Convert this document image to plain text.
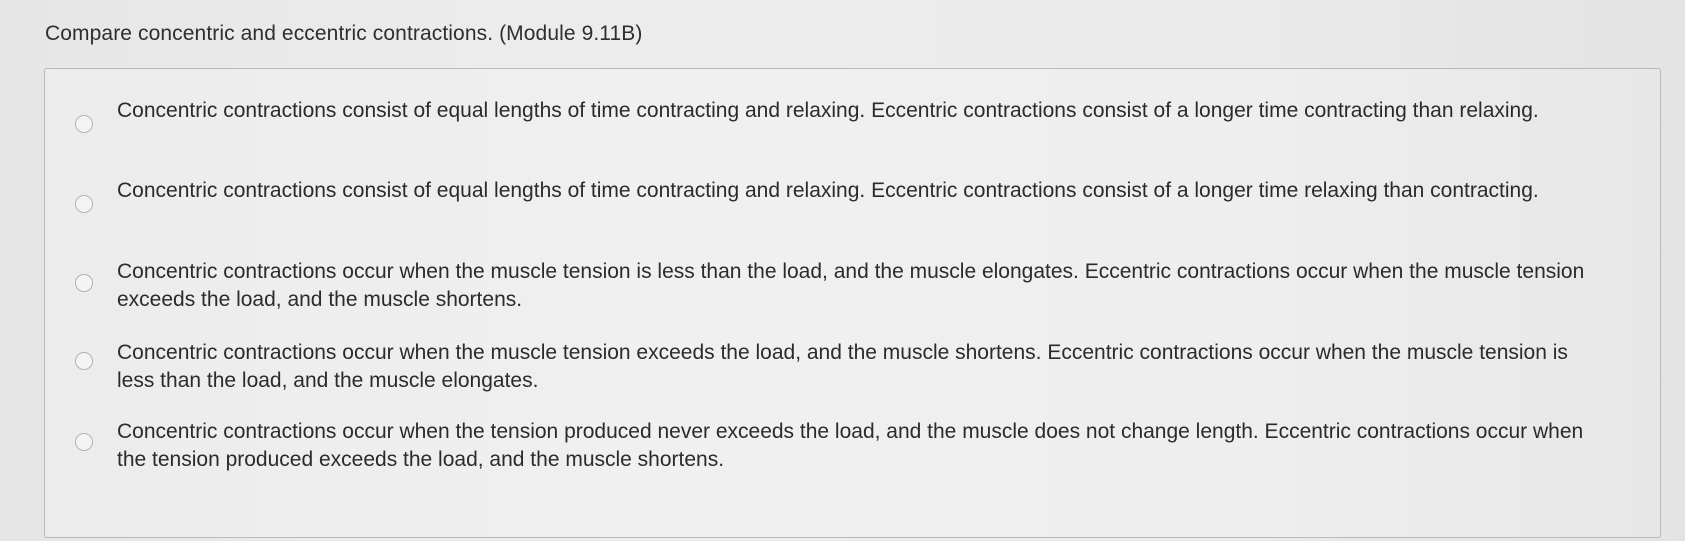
Compare concentric and eccentric contractions. (Module 9.11B)
Concentric contractions consist of equal lengths of time contracting and relaxing. Eccentric contractions consist of a longer time contracting than relaxing.
Concentric contractions consist of equal lengths of time contracting and relaxing. Eccentric contractions consist of a longer time relaxing than contracting.
Concentric contractions occur when the muscle tension is less than the load, and the muscle elongates. Eccentric contractions occur when the muscle tension exceeds the load, and the muscle shortens.
Concentric contractions occur when the muscle tension exceeds the load, and the muscle shortens. Eccentric contractions occur when the muscle tension is less than the load, and the muscle elongates.
Concentric contractions occur when the tension produced never exceeds the load, and the muscle does not change length. Eccentric contractions occur when the tension produced exceeds the load, and the muscle shortens.
